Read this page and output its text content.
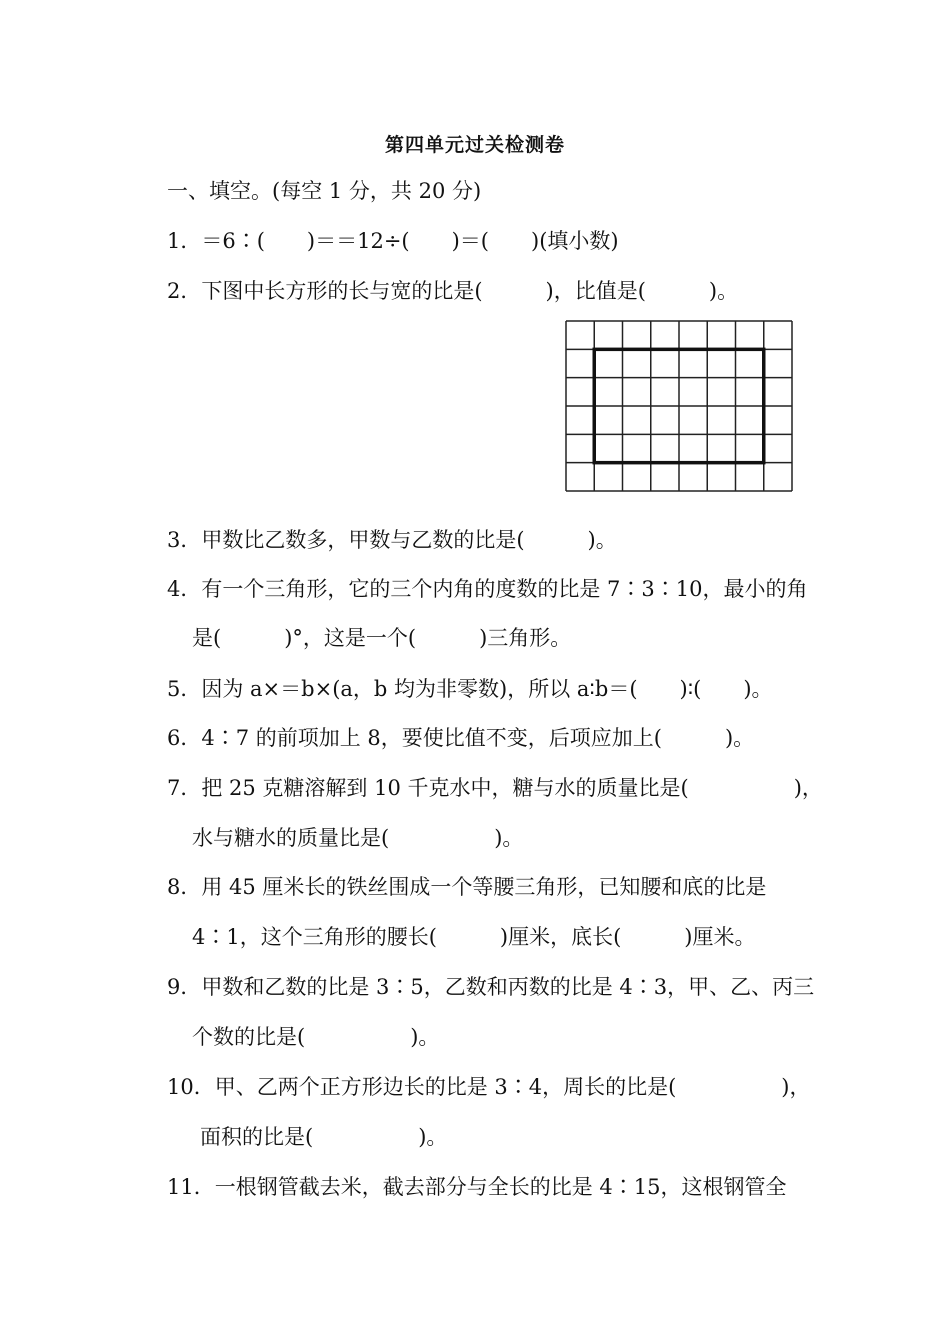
第四单元过关检测卷
一、填空。(每空 1 分，共 20 分)
1．＝6∶(　　)＝＝12÷(　　)＝(　　)(填小数)
2．下图中长方形的长与宽的比是(　　　)，比值是(　　　)。
3．甲数比乙数多，甲数与乙数的比是(　　　)。
4．有一个三角形，它的三个内角的度数的比是 7∶3∶10，最小的角
是(　　　)°，这是一个(　　　)三角形。
5．因为 a×＝b×(a，b 均为非零数)，所以 a∶b＝(　　)∶(　　)。
6．4∶7 的前项加上 8，要使比值不变，后项应加上(　　　)。
7．把 25 克糖溶解到 10 千克水中，糖与水的质量比是(　　　　　)，
水与糖水的质量比是(　　　　　)。
8．用 45 厘米长的铁丝围成一个等腰三角形，已知腰和底的比是
4∶1，这个三角形的腰长(　　　)厘米，底长(　　　)厘米。
9．甲数和乙数的比是 3∶5，乙数和丙数的比是 4∶3，甲、乙、丙三
个数的比是(　　　　　)。
10．甲、乙两个正方形边长的比是 3∶4，周长的比是(　　　　　)，
面积的比是(　　　　　)。
11．一根钢管截去米，截去部分与全长的比是 4∶15，这根钢管全
